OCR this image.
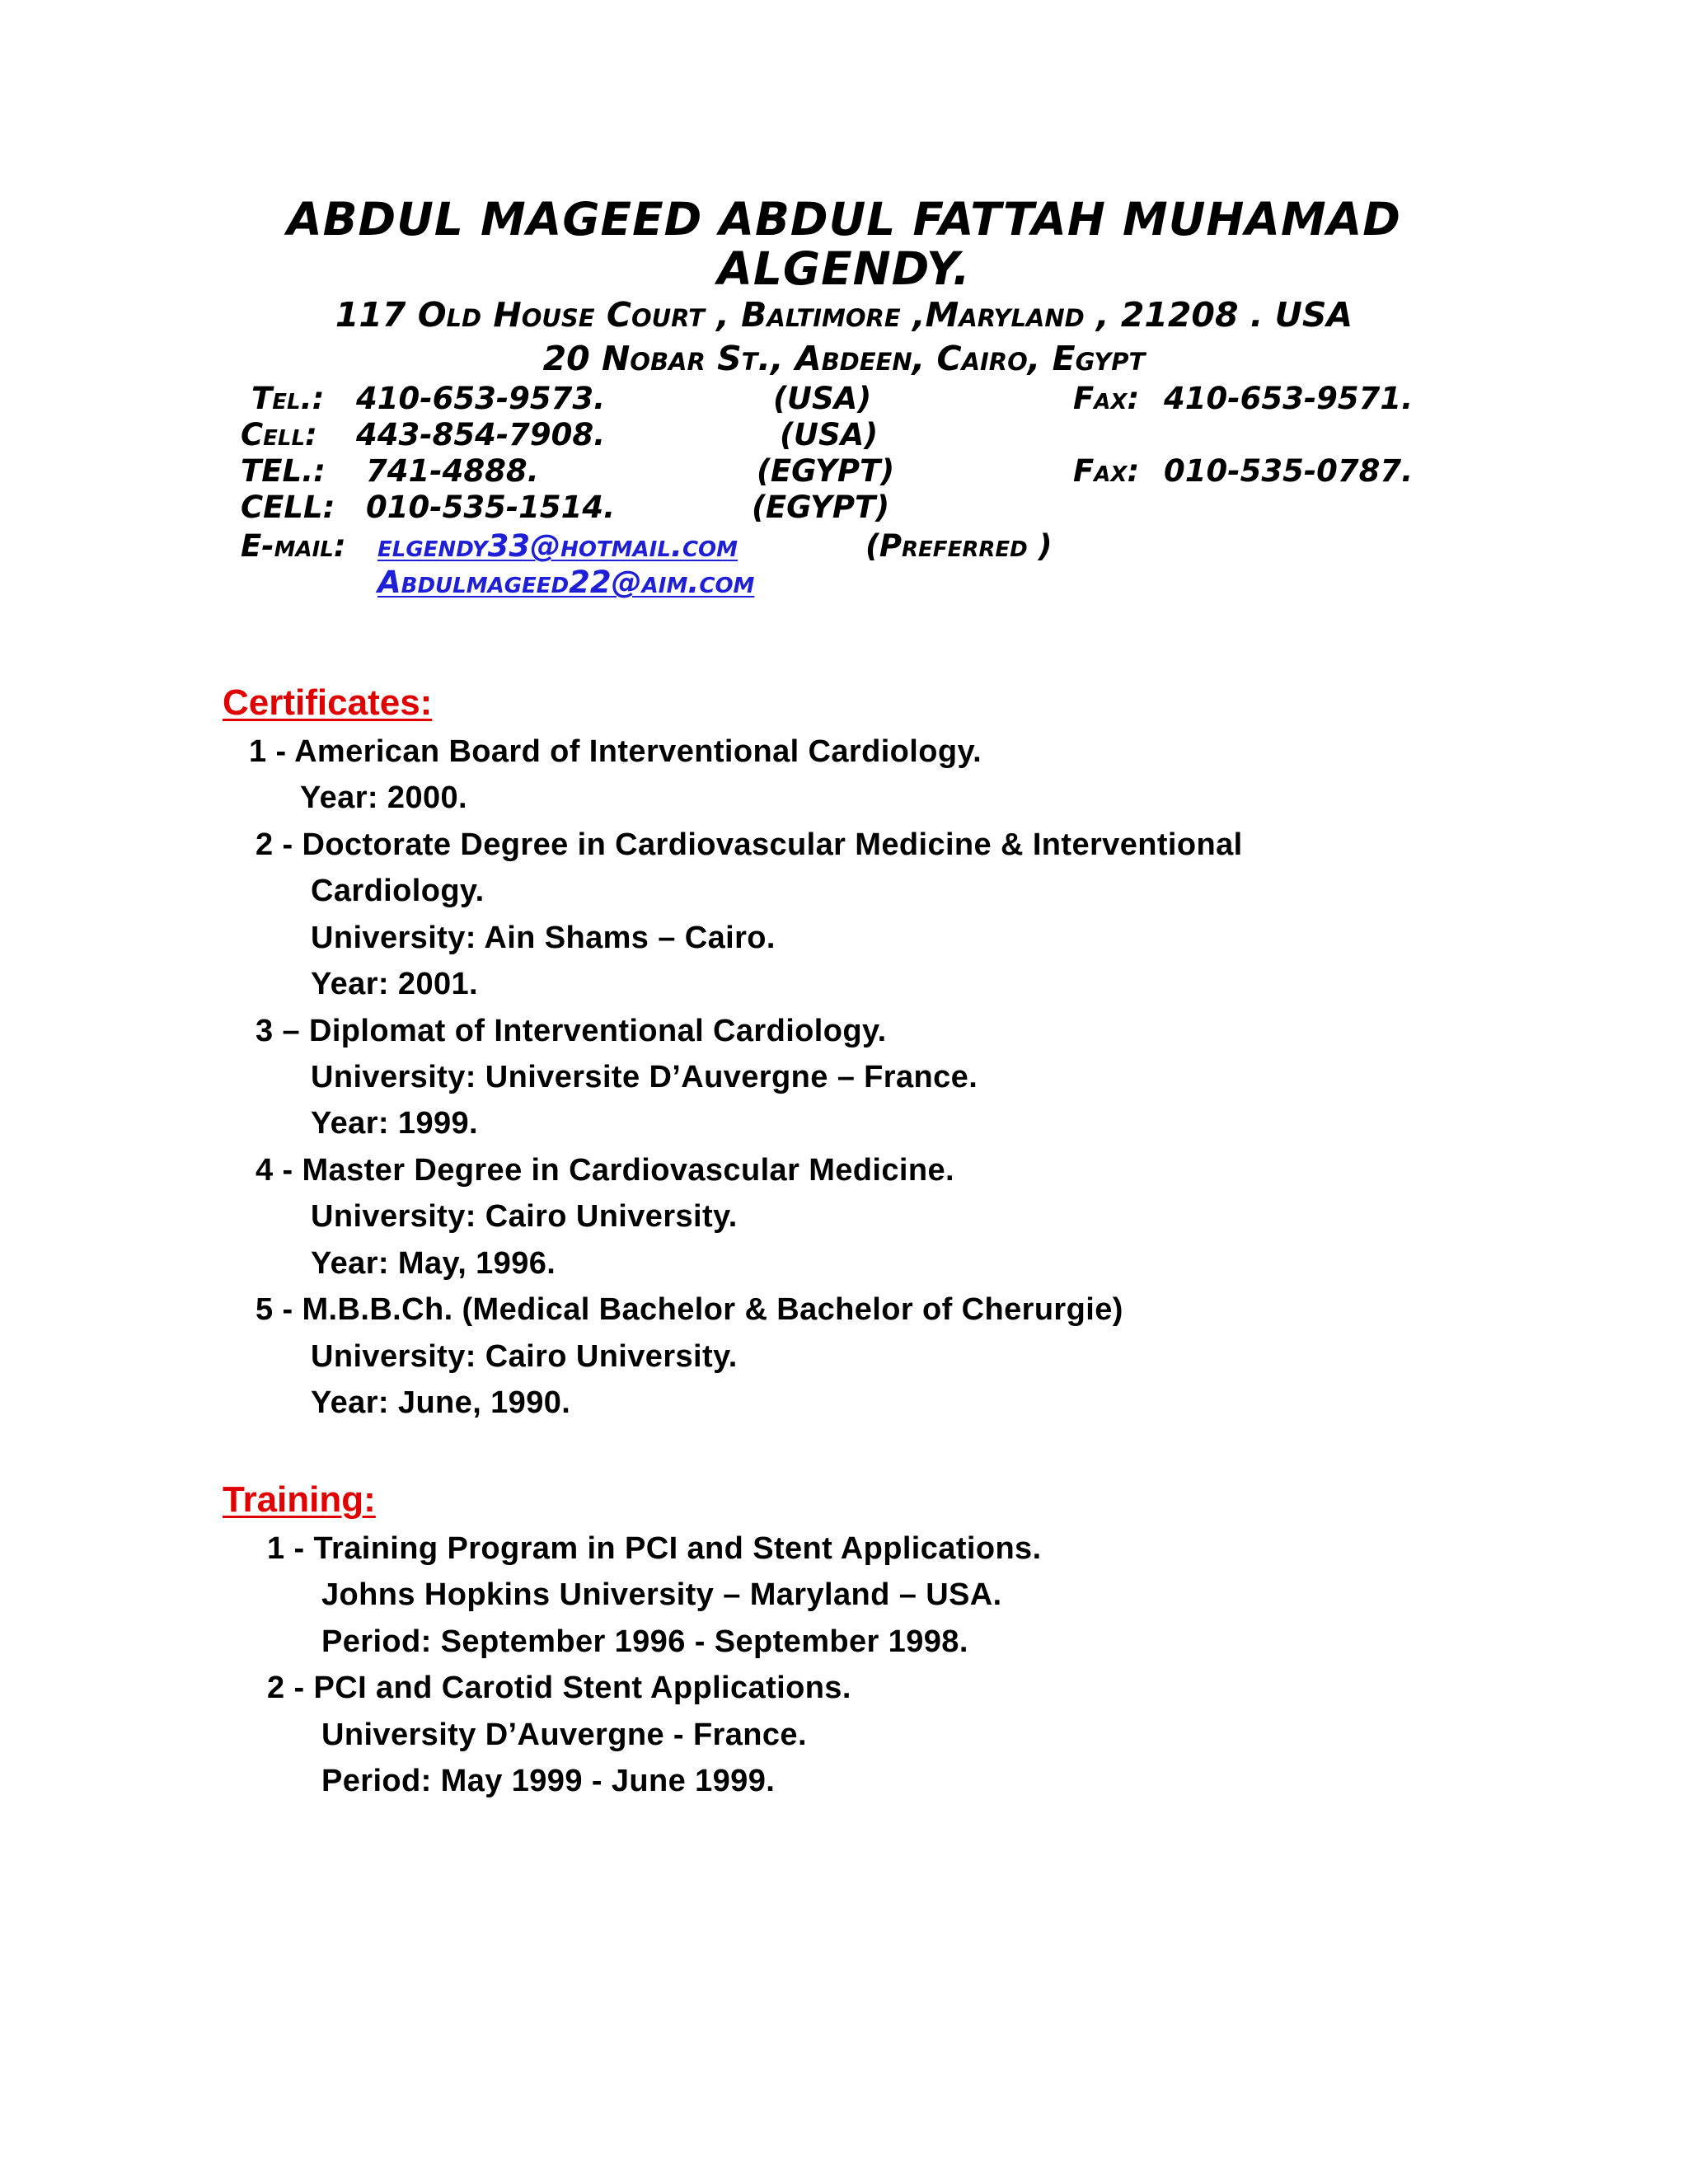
ABDUL MAGEED ABDUL FATTAH MUHAMAD
ALGENDY.
117 Old House Court , Baltimore ,Maryland , 21208 . USA
20 Nobar St., Abdeen, Cairo, Egypt
Tel.: 410-653-9573.	(USA)	Fax: 410-653-9571.
Cell: 443-854-7908.	(USA)
TEL.: 741-4888.	(EGYPT)	Fax: 010-535-0787.
CELL: 010-535-1514.	(EGYPT)
E-mail: elgendy33@hotmail.com	(Preferred )
Abdulmageed22@aim.com
Certificates:
1 - American Board of Interventional Cardiology.
Year: 2000.
2 - Doctorate Degree in Cardiovascular Medicine & Interventional
Cardiology.
University: Ain Shams – Cairo.
Year: 2001.
3 – Diplomat of Interventional Cardiology.
University: Universite D’Auvergne – France.
Year: 1999.
4 - Master Degree in Cardiovascular Medicine.
University: Cairo University.
Year: May, 1996.
5 - M.B.B.Ch. (Medical Bachelor & Bachelor of Cherurgie)
University: Cairo University.
Year: June, 1990.
Training:
1 - Training Program in PCI and Stent Applications.
Johns Hopkins University – Maryland – USA.
Period: September 1996 - September 1998.
2 - PCI and Carotid Stent Applications.
University D’Auvergne - France.
Period: May 1999 - June 1999.
